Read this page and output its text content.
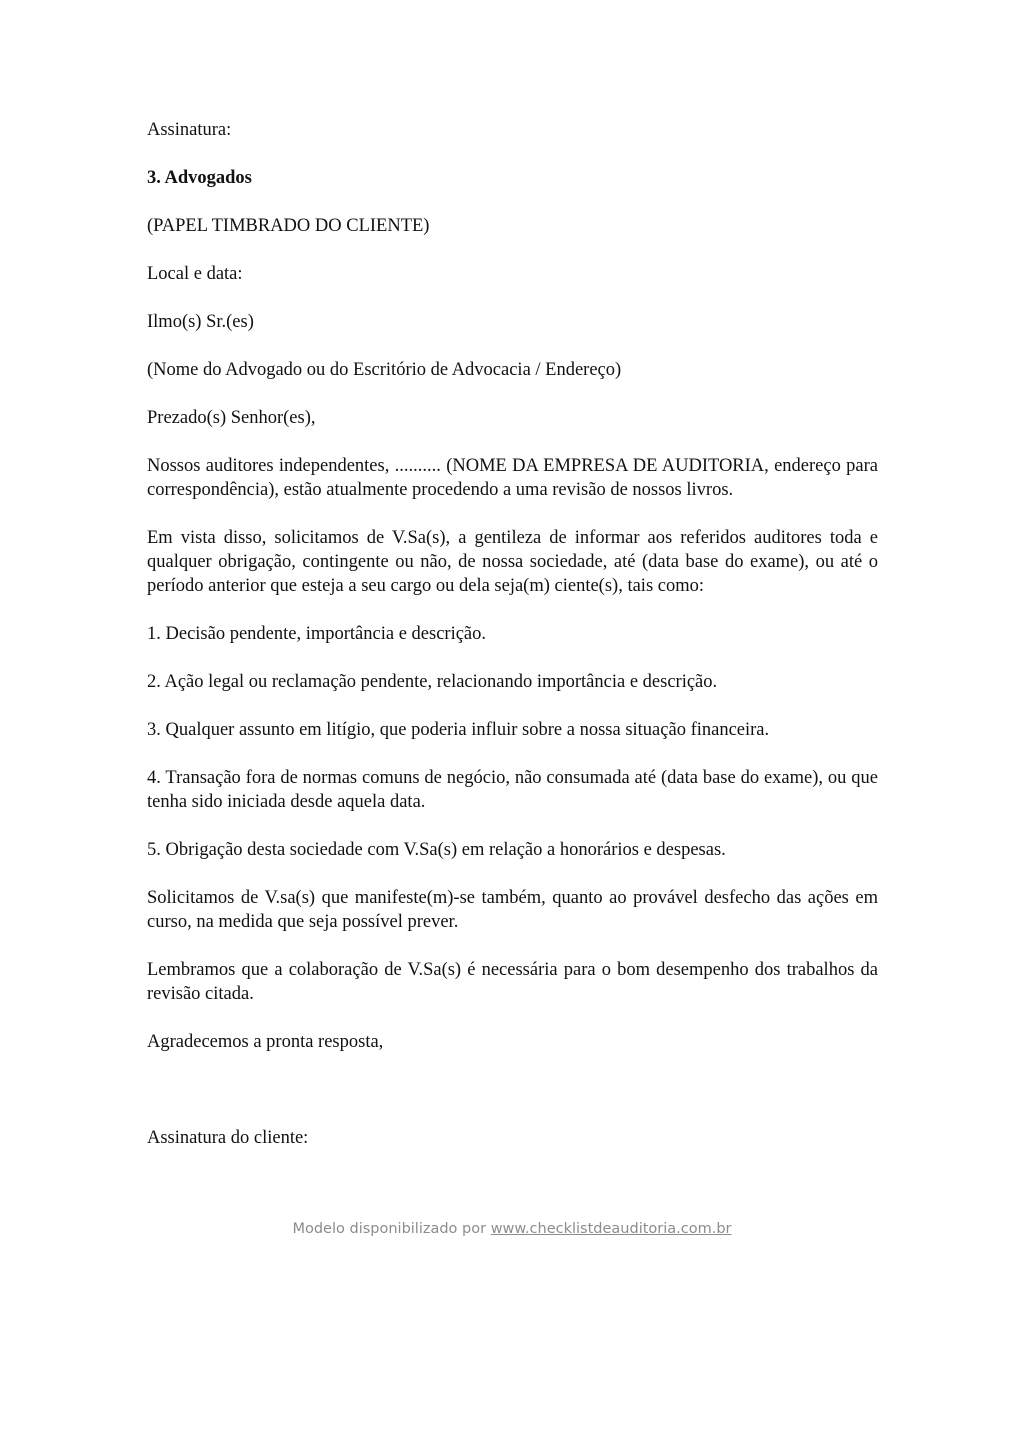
Assinatura:

3. Advogados

(PAPEL TIMBRADO DO CLIENTE)

Local e data:

Ilmo(s) Sr.(es)

(Nome do Advogado ou do Escritório de Advocacia / Endereço)

Prezado(s) Senhor(es),

Nossos auditores independentes, .......... (NOME DA EMPRESA DE AUDITORIA, endereço para correspondência), estão atualmente procedendo a uma revisão de nossos livros.

Em vista disso, solicitamos de V.Sa(s), a gentileza de informar aos referidos auditores toda e qualquer obrigação, contingente ou não, de nossa sociedade, até (data base do exame), ou até o período anterior que esteja a seu cargo ou dela seja(m) ciente(s), tais como:

1. Decisão pendente, importância e descrição.

2. Ação legal ou reclamação pendente, relacionando importância e descrição.

3. Qualquer assunto em litígio, que poderia influir sobre a nossa situação financeira.

4. Transação fora de normas comuns de negócio, não consumada até (data base do exame), ou que tenha sido iniciada desde aquela data.

5. Obrigação desta sociedade com V.Sa(s) em relação a honorários e despesas.

Solicitamos de V.sa(s) que manifeste(m)-se também, quanto ao provável desfecho das ações em curso, na medida que seja possível prever.

Lembramos que a colaboração de V.Sa(s) é necessária para o bom desempenho dos trabalhos da revisão citada.

Agradecemos a pronta resposta,

Assinatura do cliente:

Modelo disponibilizado por www.checklistdeauditoria.com.br
